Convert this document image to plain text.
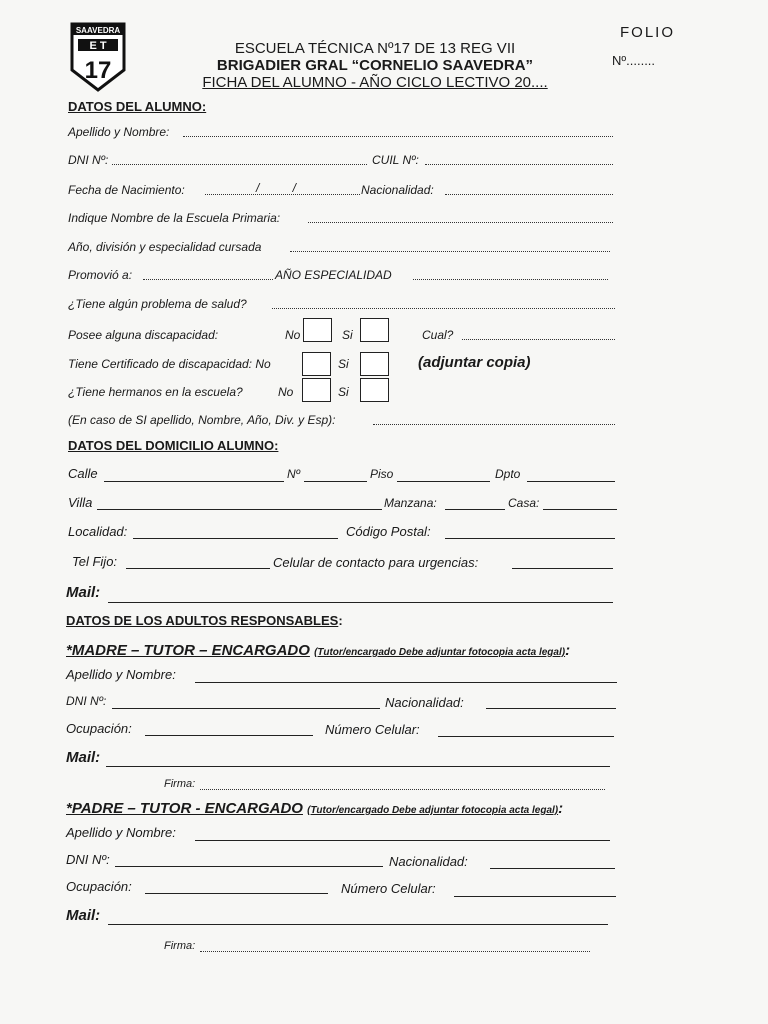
SAAVEDRA
E T
17
ESCUELA TÉCNICA Nº17 DE 13 REG VII
BRIGADIER GRAL “CORNELIO SAAVEDRA”
FICHA DEL ALUMNO - AÑO CICLO LECTIVO 20....
FOLIO
Nº........
DATOS DEL ALUMNO:
Apellido y Nombre:
DNI Nº:	CUIL Nº:
Fecha de Nacimiento:	/ /	Nacionalidad:
Indique Nombre de la Escuela Primaria:
Año, división y especialidad cursada
Promovió a:	AÑO ESPECIALIDAD
¿Tiene algún problema de salud?
Posee alguna discapacidad:	No	Si	Cual?
Tiene Certificado de discapacidad: No	Si	(adjuntar copia)
¿Tiene hermanos en la escuela?	No	Si
(En caso de SI apellido, Nombre, Año, Div. y Esp):
DATOS DEL DOMICILIO ALUMNO:
Calle	Nº	Piso	Dpto
Villa	Manzana:	Casa:
Localidad:	Código Postal:
Tel Fijo:	Celular de contacto para urgencias:
Mail:
DATOS DE LOS ADULTOS RESPONSABLES:
*MADRE – TUTOR – ENCARGADO (Tutor/encargado Debe adjuntar fotocopia acta legal):
Apellido y Nombre:
DNI Nº:	Nacionalidad:
Ocupación:	Número Celular:
Mail:
Firma:
*PADRE – TUTOR - ENCARGADO (Tutor/encargado Debe adjuntar fotocopia acta legal):
Apellido y Nombre:
DNI Nº:	Nacionalidad:
Ocupación:	Número Celular:
Mail:
Firma:
